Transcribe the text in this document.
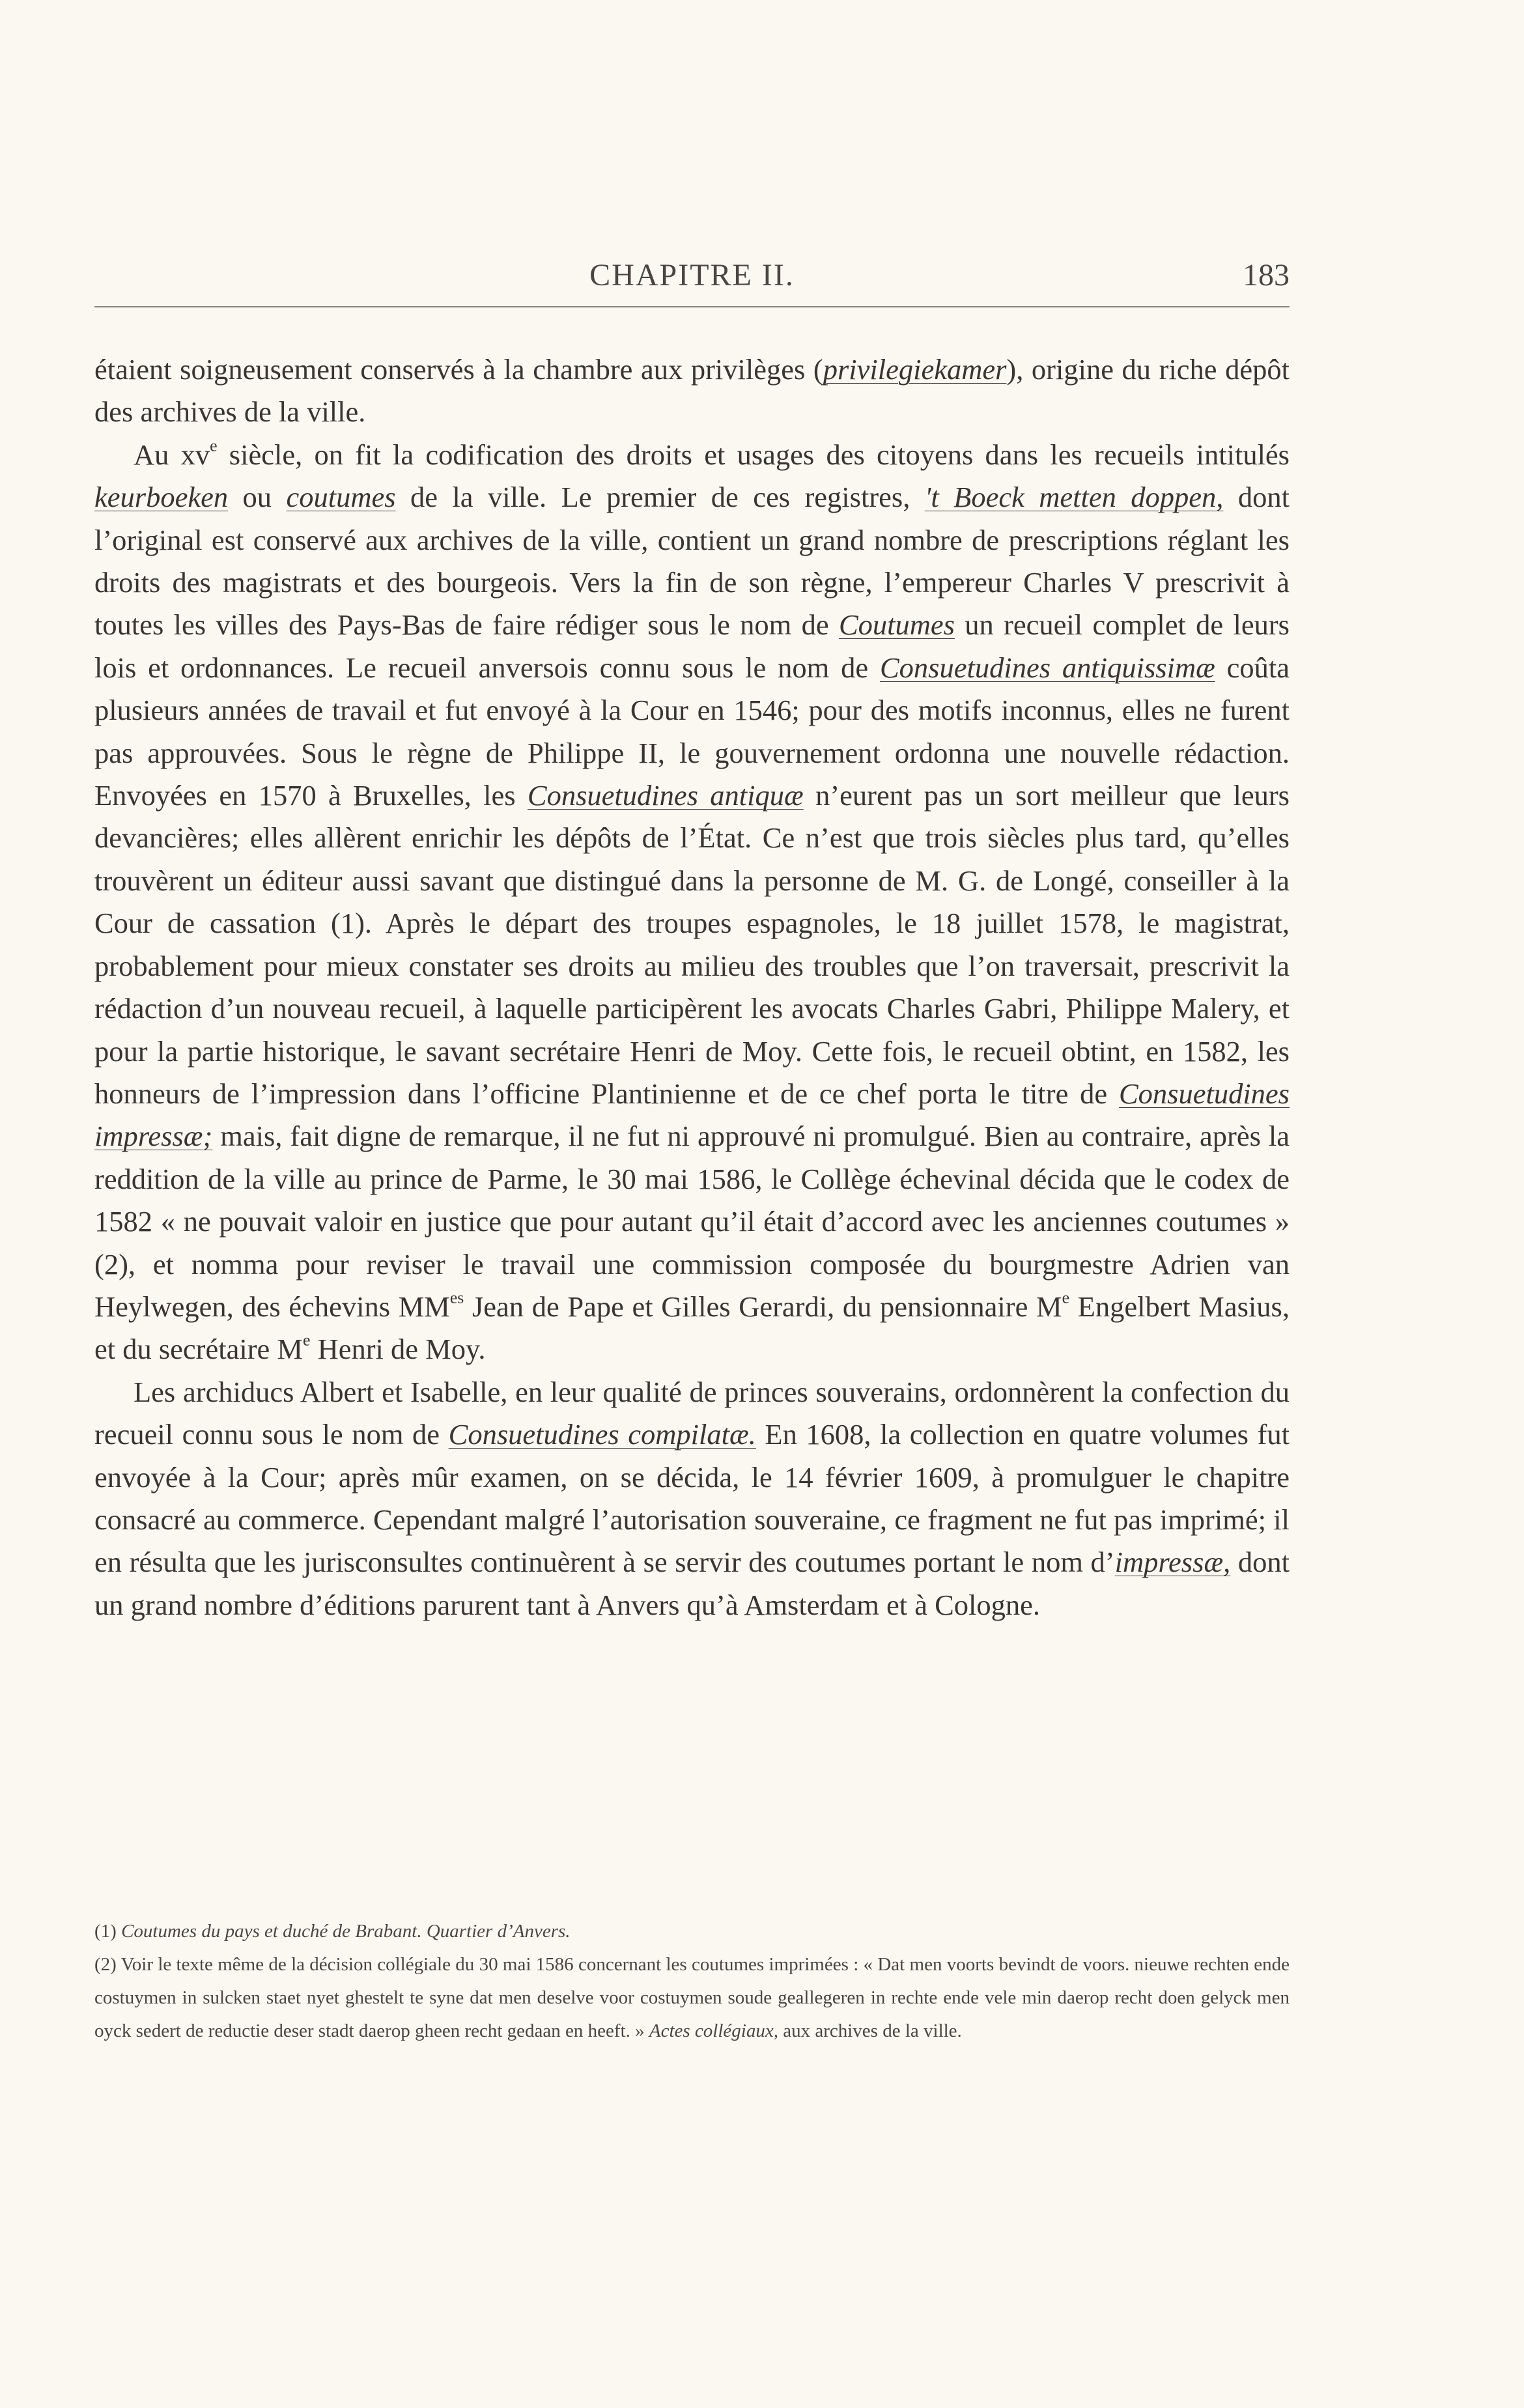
CHAPITRE II.	183

étaient soigneusement conservés à la chambre aux privilèges (privilegiekamer), origine du riche dépôt des archives de la ville.

Au $xv^e$ siècle, on fit la codification des droits et usages des citoyens dans les recueils intitulés keurboeken ou coutumes de la ville. Le premier de ces registres, 't Boeck metten doppen, dont l’original est conservé aux archives de la ville, contient un grand nombre de prescriptions réglant les droits des magistrats et des bourgeois. Vers la fin de son règne, l’empereur Charles V prescrivit à toutes les villes des Pays-Bas de faire rédiger sous le nom de Coutumes un recueil complet de leurs lois et ordonnances. Le recueil anversois connu sous le nom de Consuetudines antiquissimæ coûta plusieurs années de travail et fut envoyé à la Cour en 1546; pour des motifs inconnus, elles ne furent pas approuvées. Sous le règne de Philippe II, le gouvernement ordonna une nouvelle rédaction. Envoyées en 1570 à Bruxelles, les Consuetudines antiquæ n’eurent pas un sort meilleur que leurs devancières; elles allèrent enrichir les dépôts de l’État. Ce n’est que trois siècles plus tard, qu’elles trouvèrent un éditeur aussi savant que distingué dans la personne de M. G. de Longé, conseiller à la Cour de cassation (1). Après le départ des troupes espagnoles, le 18 juillet 1578, le magistrat, probablement pour mieux constater ses droits au milieu des troubles que l’on traversait, prescrivit la rédaction d’un nouveau recueil, à laquelle participèrent les avocats Charles Gabri, Philippe Malery, et pour la partie historique, le savant secrétaire Henri de Moy. Cette fois, le recueil obtint, en 1582, les honneurs de l’impression dans l’officine Plantinienne et de ce chef porta le titre de Consuetudines impressæ; mais, fait digne de remarque, il ne fut ni approuvé ni promulgué. Bien au contraire, après la reddition de la ville au prince de Parme, le 30 mai 1586, le Collège échevinal décida que le codex de 1582 « ne pouvait valoir en justice que pour autant qu’il était d’accord avec les anciennes coutumes » (2), et nomma pour reviser le travail une commission composée du bourgmestre Adrien van Heylwegen, des échevins $MM^{es}$ Jean de Pape et Gilles Gerardi, du pensionnaire Me Engelbert Masius, et du secrétaire Me Henri de Moy.

Les archiducs Albert et Isabelle, en leur qualité de princes souverains, ordonnèrent la confection du recueil connu sous le nom de Consuetudines compilatæ. En 1608, la collection en quatre volumes fut envoyée à la Cour; après mûr examen, on se décida, le 14 février 1609, à promulguer le chapitre consacré au commerce. Cependant malgré l’autorisation souveraine, ce fragment ne fut pas imprimé; il en résulta que les jurisconsultes continuèrent à se servir des coutumes portant le nom d’impressæ, dont un grand nombre d’éditions parurent tant à Anvers qu’à Amsterdam et à Cologne.

(1) Coutumes du pays et duché de Brabant. Quartier d’Anvers.

(2) Voir le texte même de la décision collégiale du 30 mai 1586 concernant les coutumes imprimées : « Dat men voorts bevindt de voors. nieuwe rechten ende costuymen in sulcken staet nyet ghestelt te syne dat men deselve voor costuymen soude geallegeren in rechte ende vele min daerop recht doen gelyck men oyck sedert de reductie deser stadt daerop gheen recht gedaan en heeft. » Actes collégiaux, aux archives de la ville.
